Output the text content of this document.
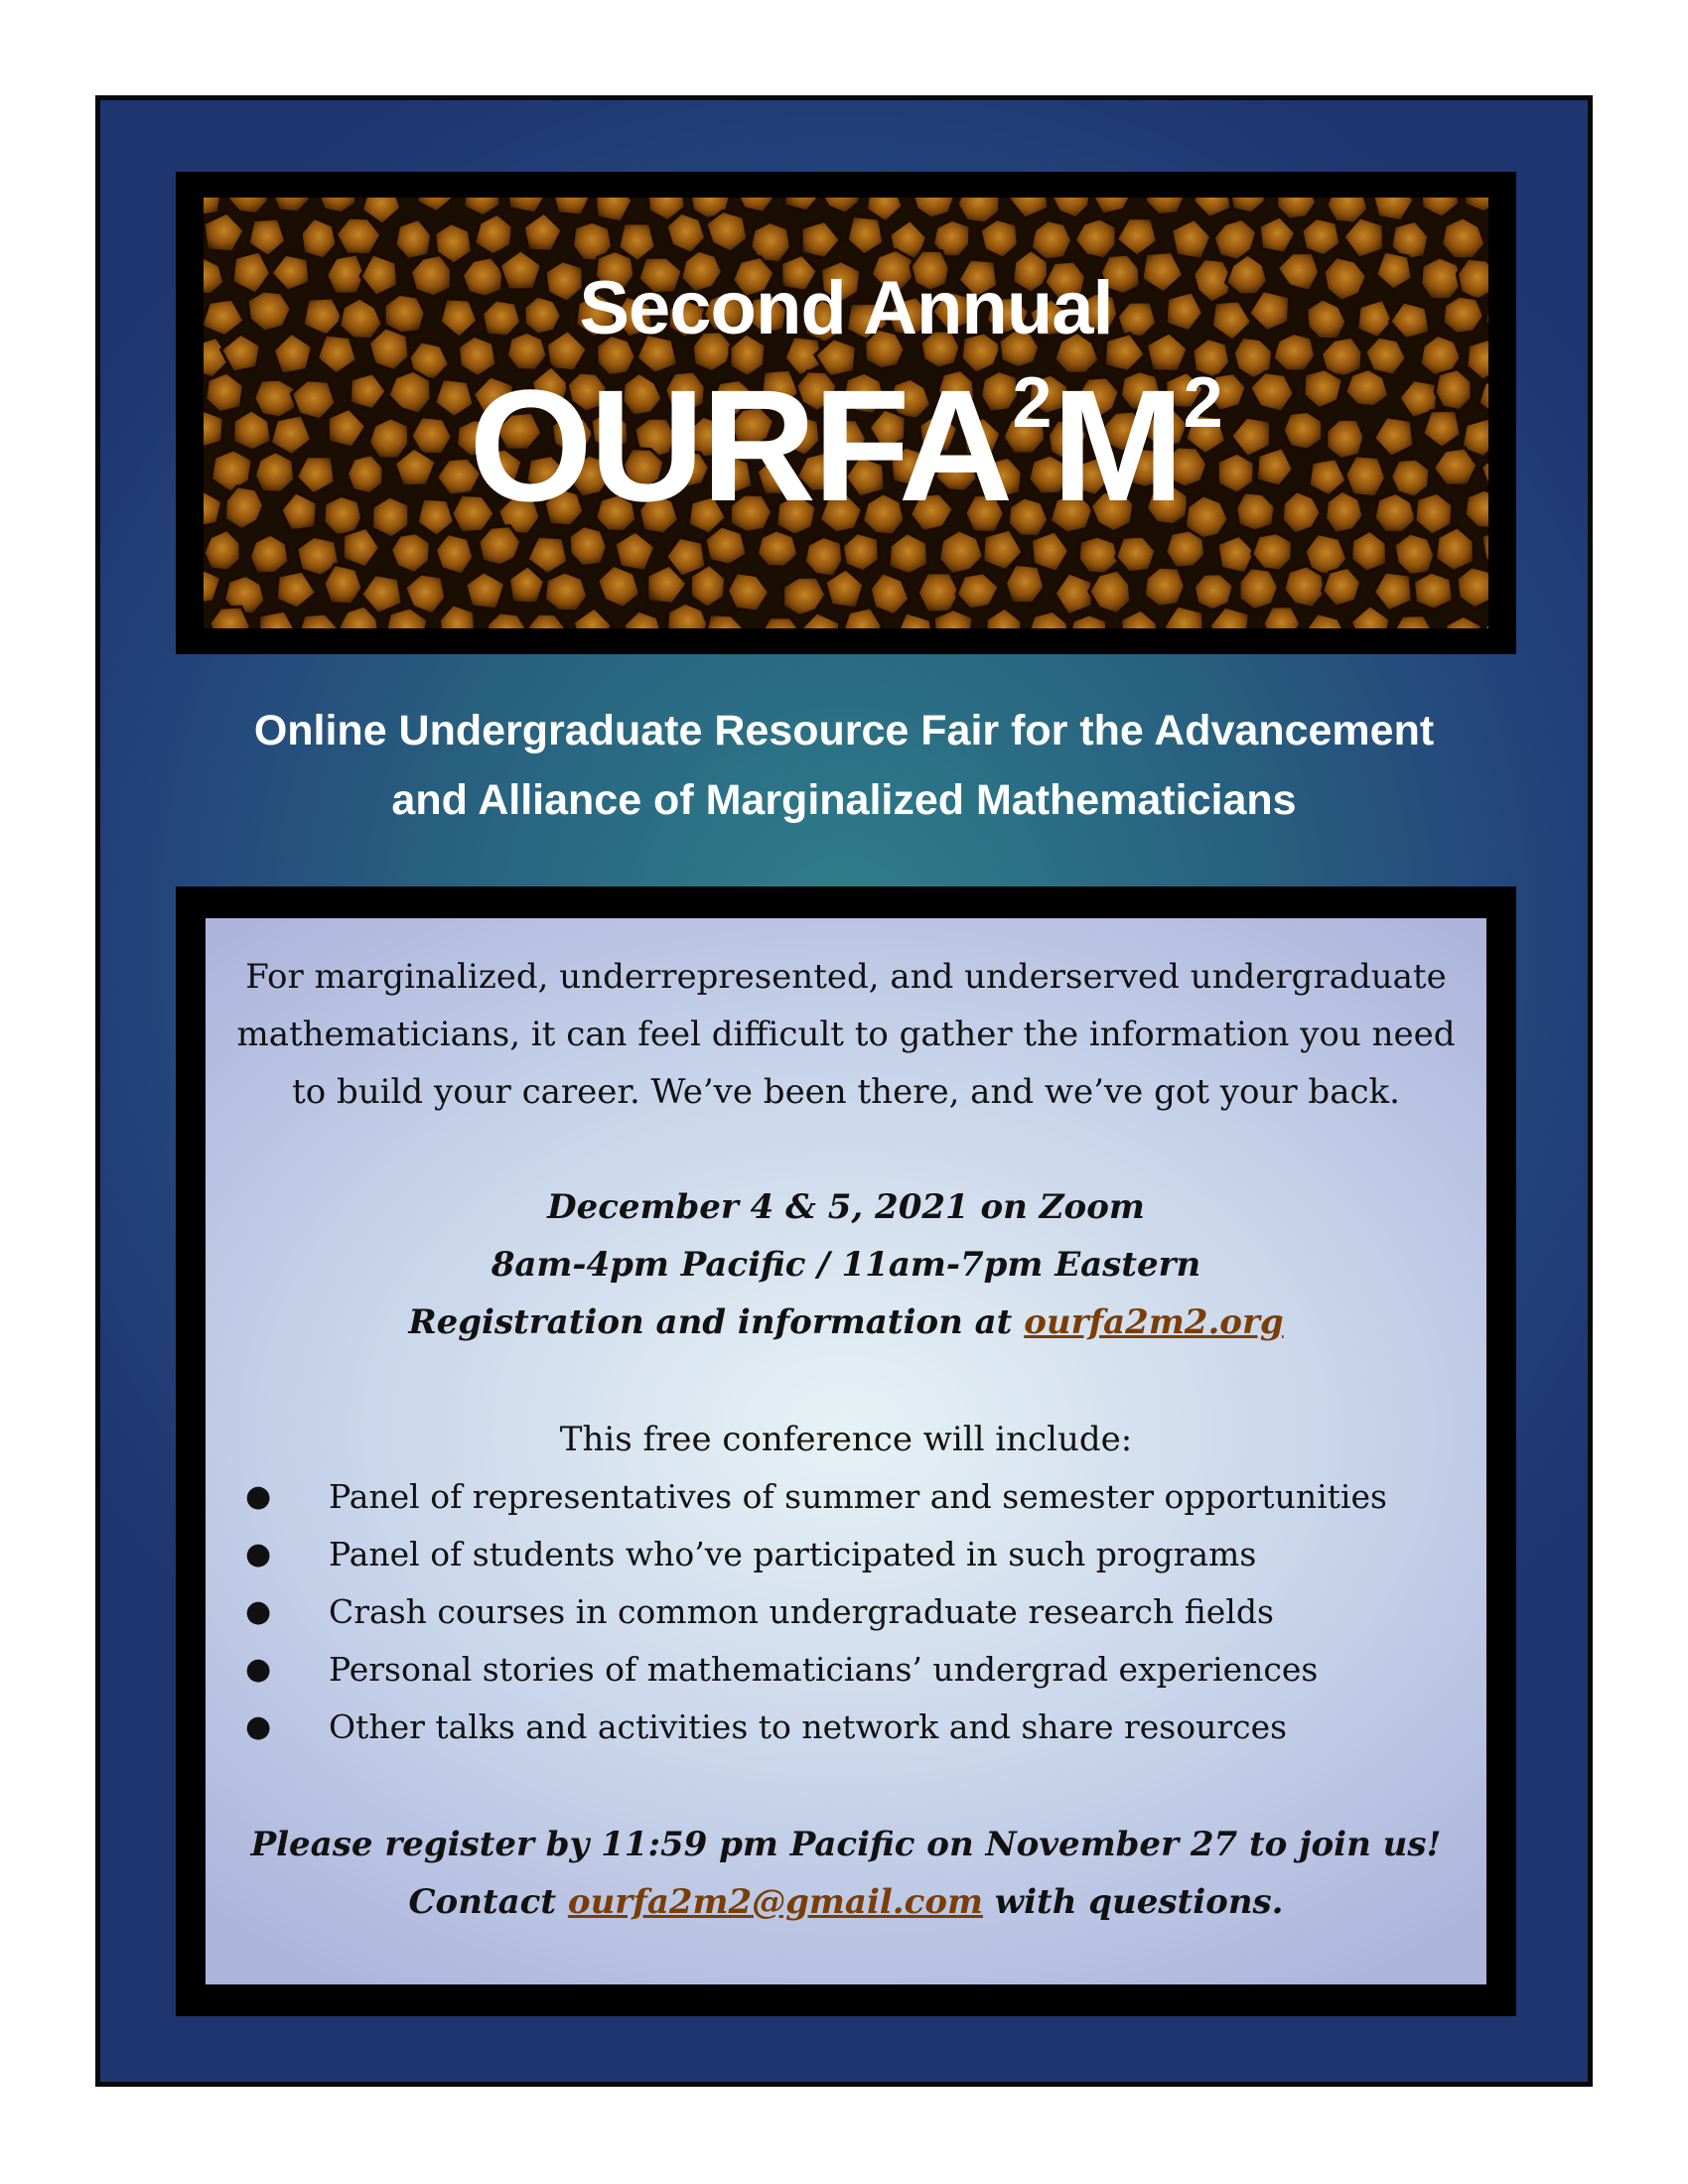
Second Annual
$OURFA^2M^2$
Online Undergraduate Resource Fair for the Advancement
and Alliance of Marginalized Mathematicians
For marginalized, underrepresented, and underserved undergraduate
mathematicians, it can feel difficult to gather the information you need
to build your career. We’ve been there, and we’ve got your back.
December 4 & 5, 2021 on Zoom
8am-4pm Pacific / 11am-7pm Eastern
Registration and information at ourfa2m2.org
This free conference will include:
● Panel of representatives of summer and semester opportunities
● Panel of students who’ve participated in such programs
● Crash courses in common undergraduate research fields
● Personal stories of mathematicians’ undergrad experiences
● Other talks and activities to network and share resources
Please register by 11:59 pm Pacific on November 27 to join us!
Contact ourfa2m2@gmail.com with questions.
